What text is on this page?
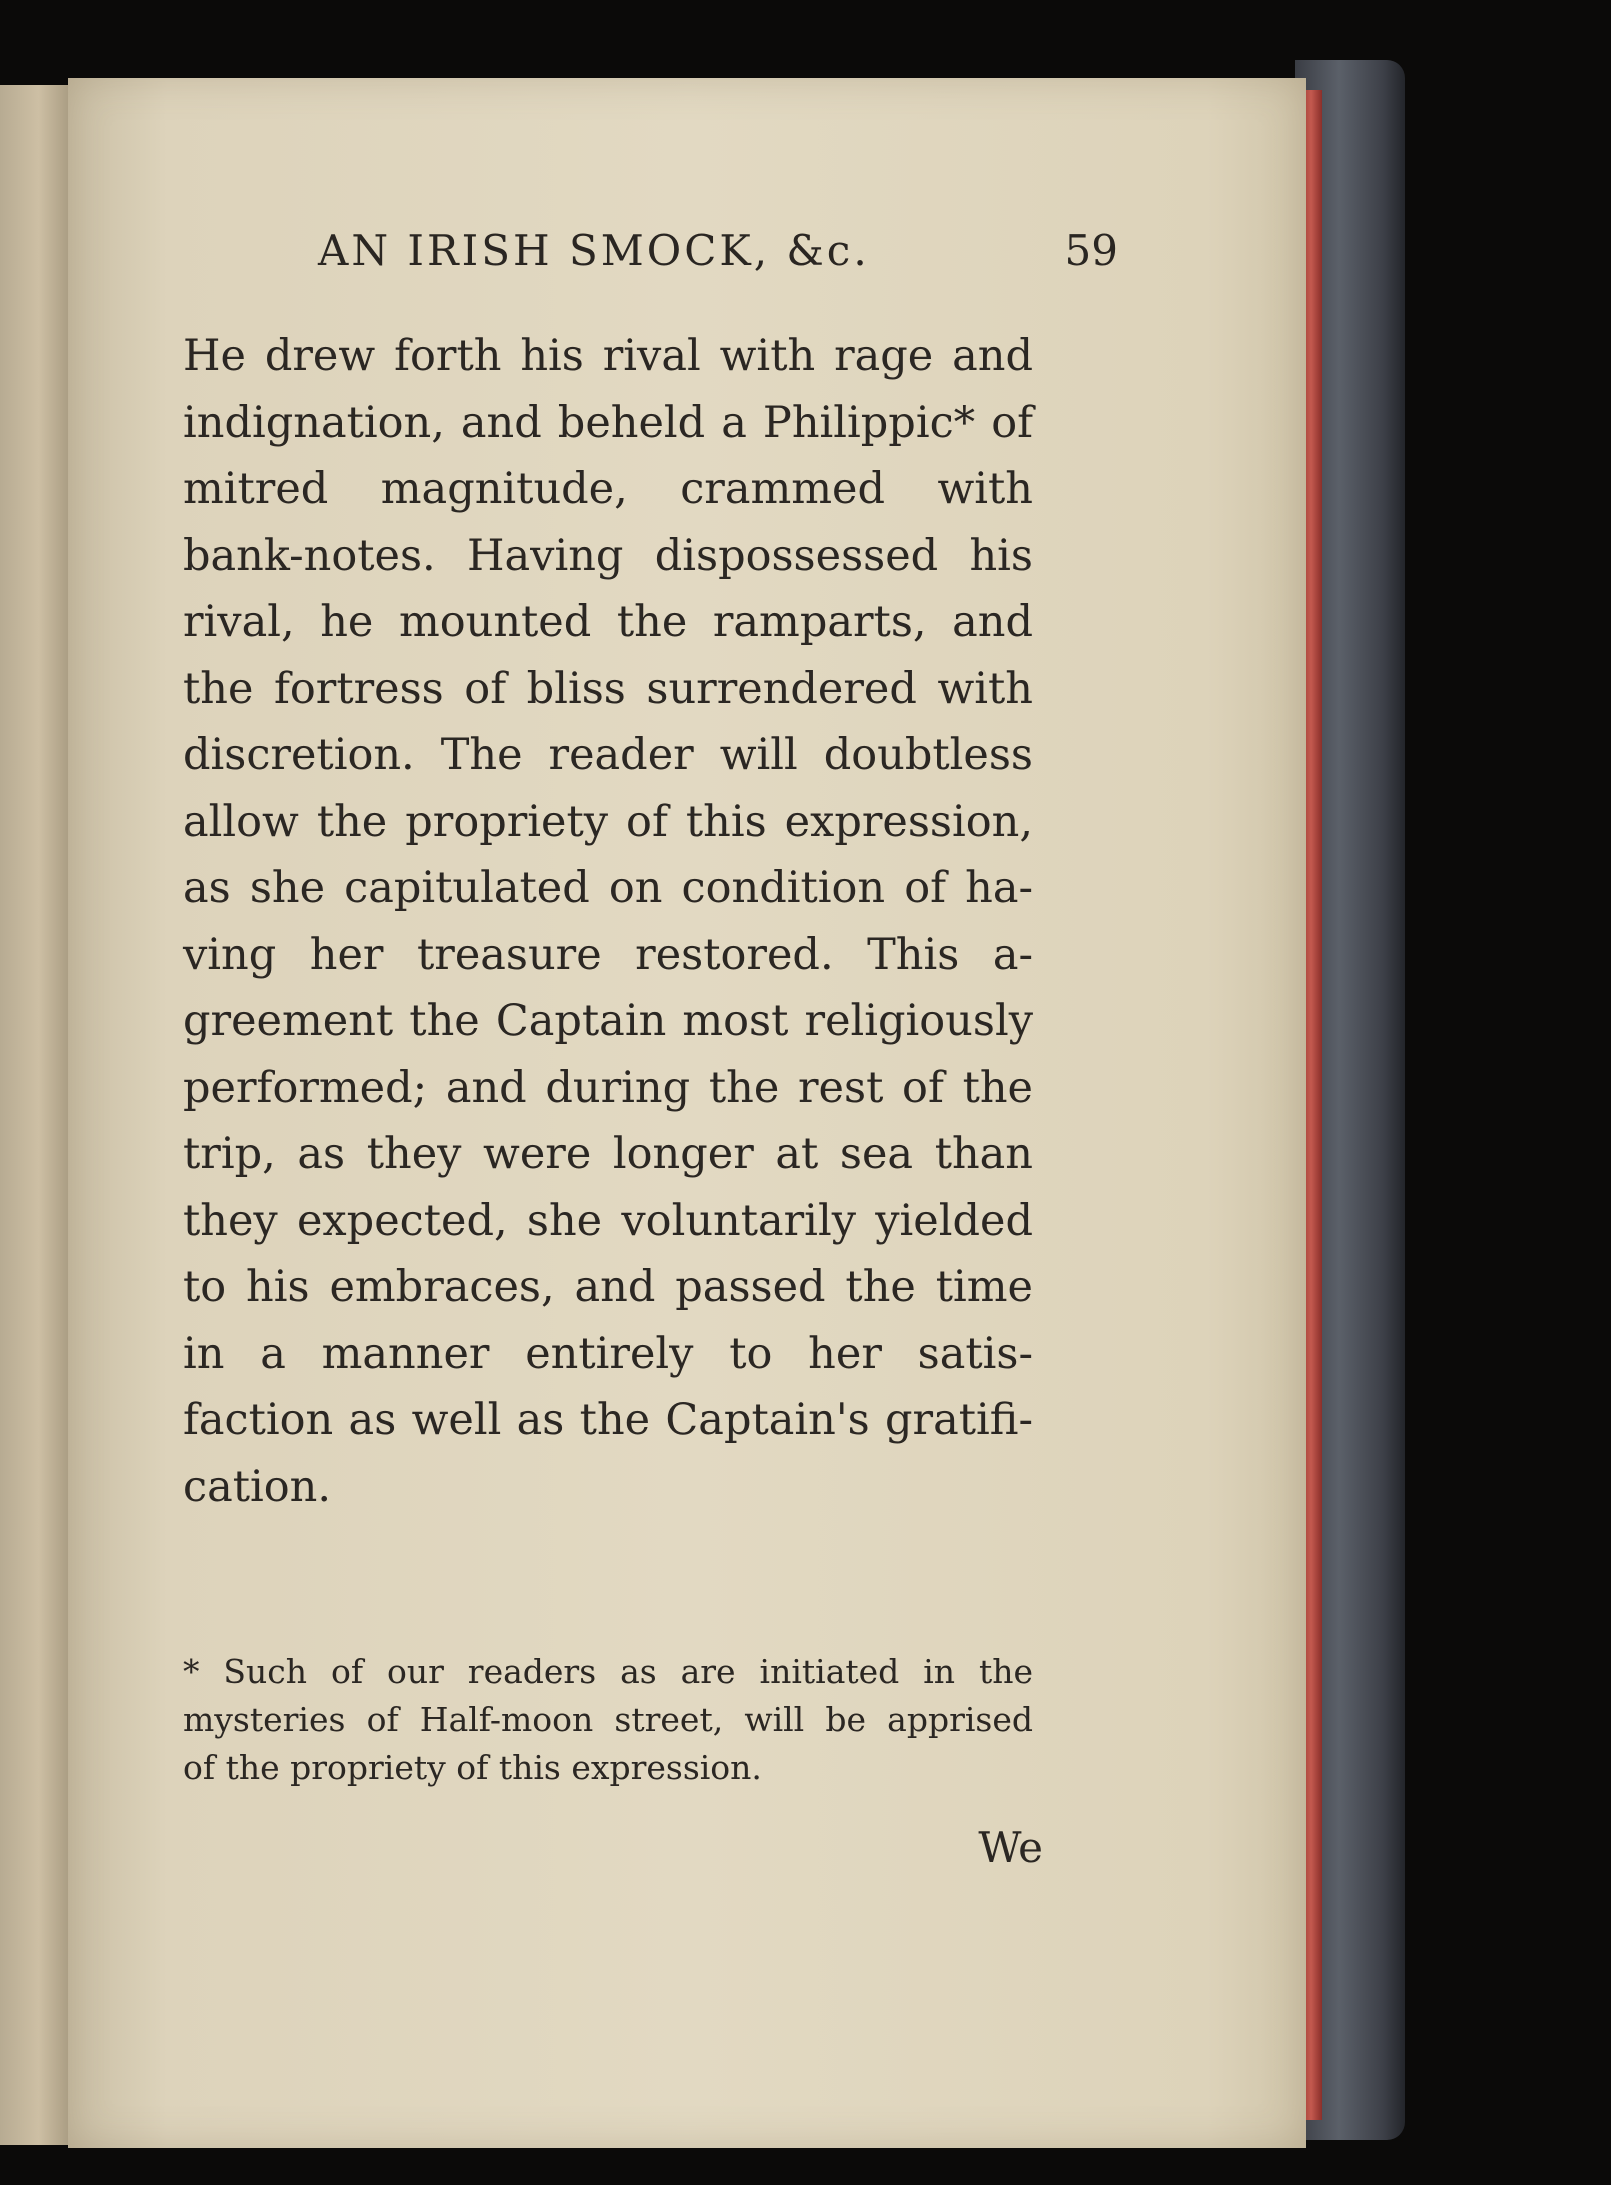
AN IRISH SMOCK, &c.	59
He drew forth his rival with rage and
indignation, and beheld a Philippic* of
mitred magnitude, crammed with
bank-notes. Having dispossessed his
rival, he mounted the ramparts, and
the fortress of bliss surrendered with
discretion. The reader will doubtless
allow the propriety of this expression,
as she capitulated on condition of ha-
ving her treasure restored. This a-
greement the Captain most religiously
performed; and during the rest of the
trip, as they were longer at sea than
they expected, she voluntarily yielded
to his embraces, and passed the time
in a manner entirely to her satis-
faction as well as the Captain's gratifi-
cation.
* Such of our readers as are initiated in the
mysteries of Half-moon street, will be apprised
of the propriety of this expression.
We
